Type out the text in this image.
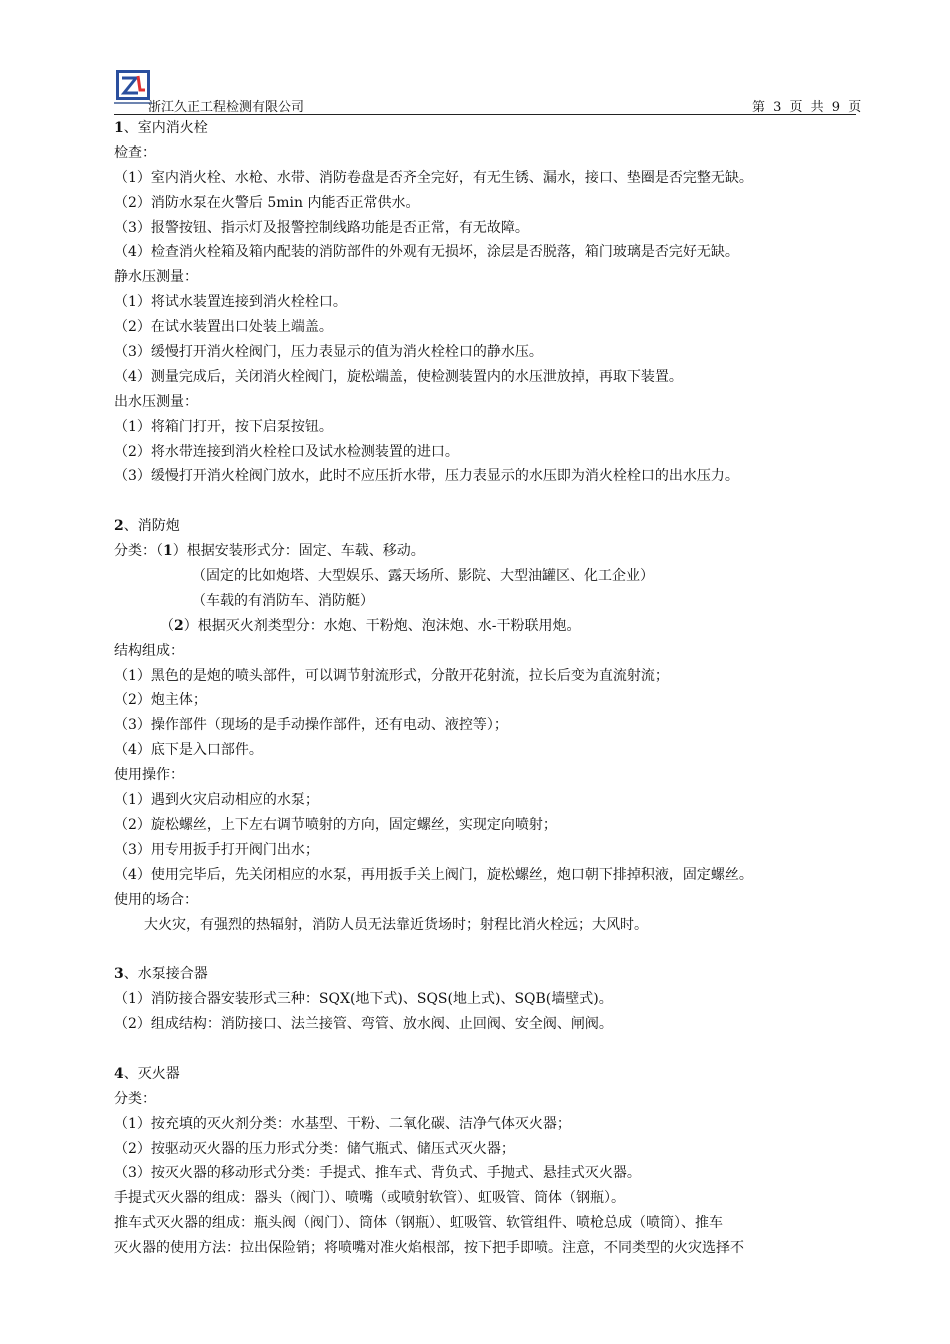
浙江久正工程检测有限公司	第 3 页 共 9 页
1、室内消火栓
检查：
（1）室内消火栓、水枪、水带、消防卷盘是否齐全完好，有无生锈、漏水，接口、垫圈是否完整无缺。
（2）消防水泵在火警后 5min 内能否正常供水。
（3）报警按钮、指示灯及报警控制线路功能是否正常，有无故障。
（4）检查消火栓箱及箱内配装的消防部件的外观有无损坏，涂层是否脱落，箱门玻璃是否完好无缺。
静水压测量：
（1）将试水装置连接到消火栓栓口。
（2）在试水装置出口处装上端盖。
（3）缓慢打开消火栓阀门，压力表显示的值为消火栓栓口的静水压。
（4）测量完成后，关闭消火栓阀门，旋松端盖，使检测装置内的水压泄放掉，再取下装置。
出水压测量：
（1）将箱门打开，按下启泵按钮。
（2）将水带连接到消火栓栓口及试水检测装置的进口。
（3）缓慢打开消火栓阀门放水，此时不应压折水带，压力表显示的水压即为消火栓栓口的出水压力。
2、消防炮
分类：（1）根据安装形式分：固定、车载、移动。
（固定的比如炮塔、大型娱乐、露天场所、影院、大型油罐区、化工企业）
（车载的有消防车、消防艇）
（2）根据灭火剂类型分：水炮、干粉炮、泡沫炮、水-干粉联用炮。
结构组成：
（1）黑色的是炮的喷头部件，可以调节射流形式，分散开花射流，拉长后变为直流射流；
（2）炮主体；
（3）操作部件（现场的是手动操作部件，还有电动、液控等）；
（4）底下是入口部件。
使用操作：
（1）遇到火灾启动相应的水泵；
（2）旋松螺丝，上下左右调节喷射的方向，固定螺丝，实现定向喷射；
（3）用专用扳手打开阀门出水；
（4）使用完毕后，先关闭相应的水泵，再用扳手关上阀门，旋松螺丝，炮口朝下排掉积液，固定螺丝。
使用的场合：
大火灾，有强烈的热辐射，消防人员无法靠近货场时；射程比消火栓远；大风时。
3、水泵接合器
（1）消防接合器安装形式三种：SQX(地下式)、SQS(地上式)、SQB(墙壁式)。
（2）组成结构：消防接口、法兰接管、弯管、放水阀、止回阀、安全阀、闸阀。
4、灭火器
分类：
（1）按充填的灭火剂分类：水基型、干粉、二氧化碳、洁净气体灭火器；
（2）按驱动灭火器的压力形式分类：储气瓶式、储压式灭火器；
（3）按灭火器的移动形式分类：手提式、推车式、背负式、手抛式、悬挂式灭火器。
手提式灭火器的组成：器头（阀门）、喷嘴（或喷射软管）、虹吸管、筒体（钢瓶）。
推车式灭火器的组成：瓶头阀（阀门）、筒体（钢瓶）、虹吸管、软管组件、喷枪总成（喷筒）、推车
灭火器的使用方法：拉出保险销；将喷嘴对准火焰根部，按下把手即喷。注意，不同类型的火灾选择不
